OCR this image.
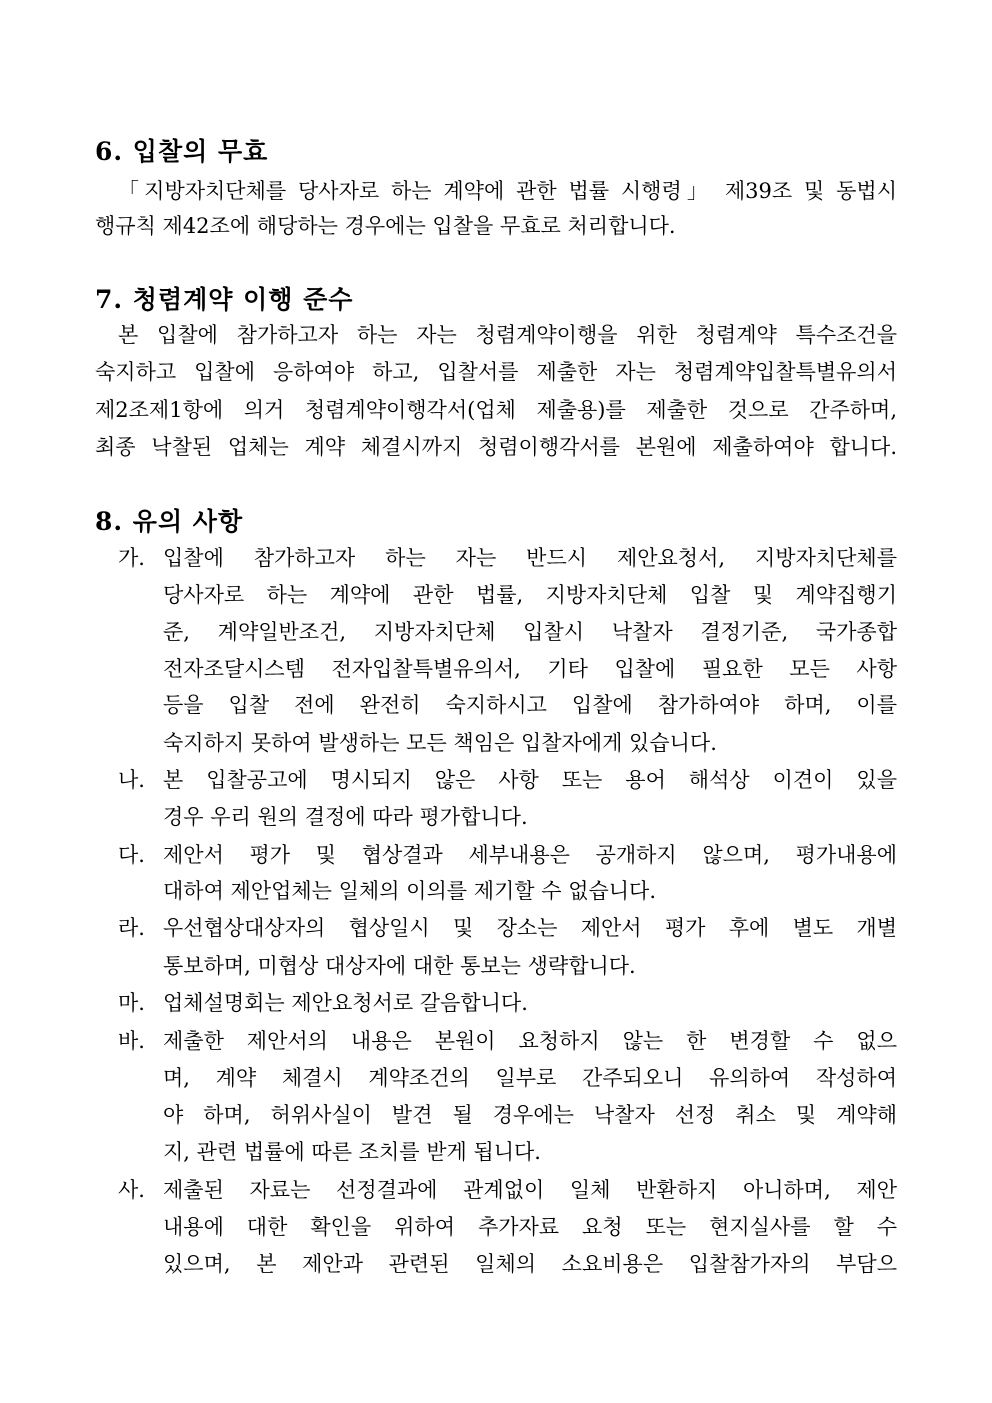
6. 입찰의 무효
「지방자치단체를 당사자로 하는 계약에 관한 법률 시행령」 제39조 및 동법시
행규칙 제42조에 해당하는 경우에는 입찰을 무효로 처리합니다.
7. 청렴계약 이행 준수
본 입찰에 참가하고자 하는 자는 청렴계약이행을 위한 청렴계약 특수조건을
숙지하고 입찰에 응하여야 하고, 입찰서를 제출한 자는 청렴계약입찰특별유의서
제2조제1항에 의거 청렴계약이행각서(업체 제출용)를 제출한 것으로 간주하며,
최종 낙찰된 업체는 계약 체결시까지 청렴이행각서를 본원에 제출하여야 합니다.
8. 유의 사항
가. 입찰에 참가하고자 하는 자는 반드시 제안요청서, 지방자치단체를
당사자로 하는 계약에 관한 법률, 지방자치단체 입찰 및 계약집행기
준, 계약일반조건, 지방자치단체 입찰시 낙찰자 결정기준, 국가종합
전자조달시스템 전자입찰특별유의서, 기타 입찰에 필요한 모든 사항
등을 입찰 전에 완전히 숙지하시고 입찰에 참가하여야 하며, 이를
숙지하지 못하여 발생하는 모든 책임은 입찰자에게 있습니다.
나. 본 입찰공고에 명시되지 않은 사항 또는 용어 해석상 이견이 있을
경우 우리 원의 결정에 따라 평가합니다.
다. 제안서 평가 및 협상결과 세부내용은 공개하지 않으며, 평가내용에
대하여 제안업체는 일체의 이의를 제기할 수 없습니다.
라. 우선협상대상자의 협상일시 및 장소는 제안서 평가 후에 별도 개별
통보하며, 미협상 대상자에 대한 통보는 생략합니다.
마. 업체설명회는 제안요청서로 갈음합니다.
바. 제출한 제안서의 내용은 본원이 요청하지 않는 한 변경할 수 없으
며, 계약 체결시 계약조건의 일부로 간주되오니 유의하여 작성하여
야 하며, 허위사실이 발견 될 경우에는 낙찰자 선정 취소 및 계약해
지, 관련 법률에 따른 조치를 받게 됩니다.
사. 제출된 자료는 선정결과에 관계없이 일체 반환하지 아니하며, 제안
내용에 대한 확인을 위하여 추가자료 요청 또는 현지실사를 할 수
있으며, 본 제안과 관련된 일체의 소요비용은 입찰참가자의 부담으
